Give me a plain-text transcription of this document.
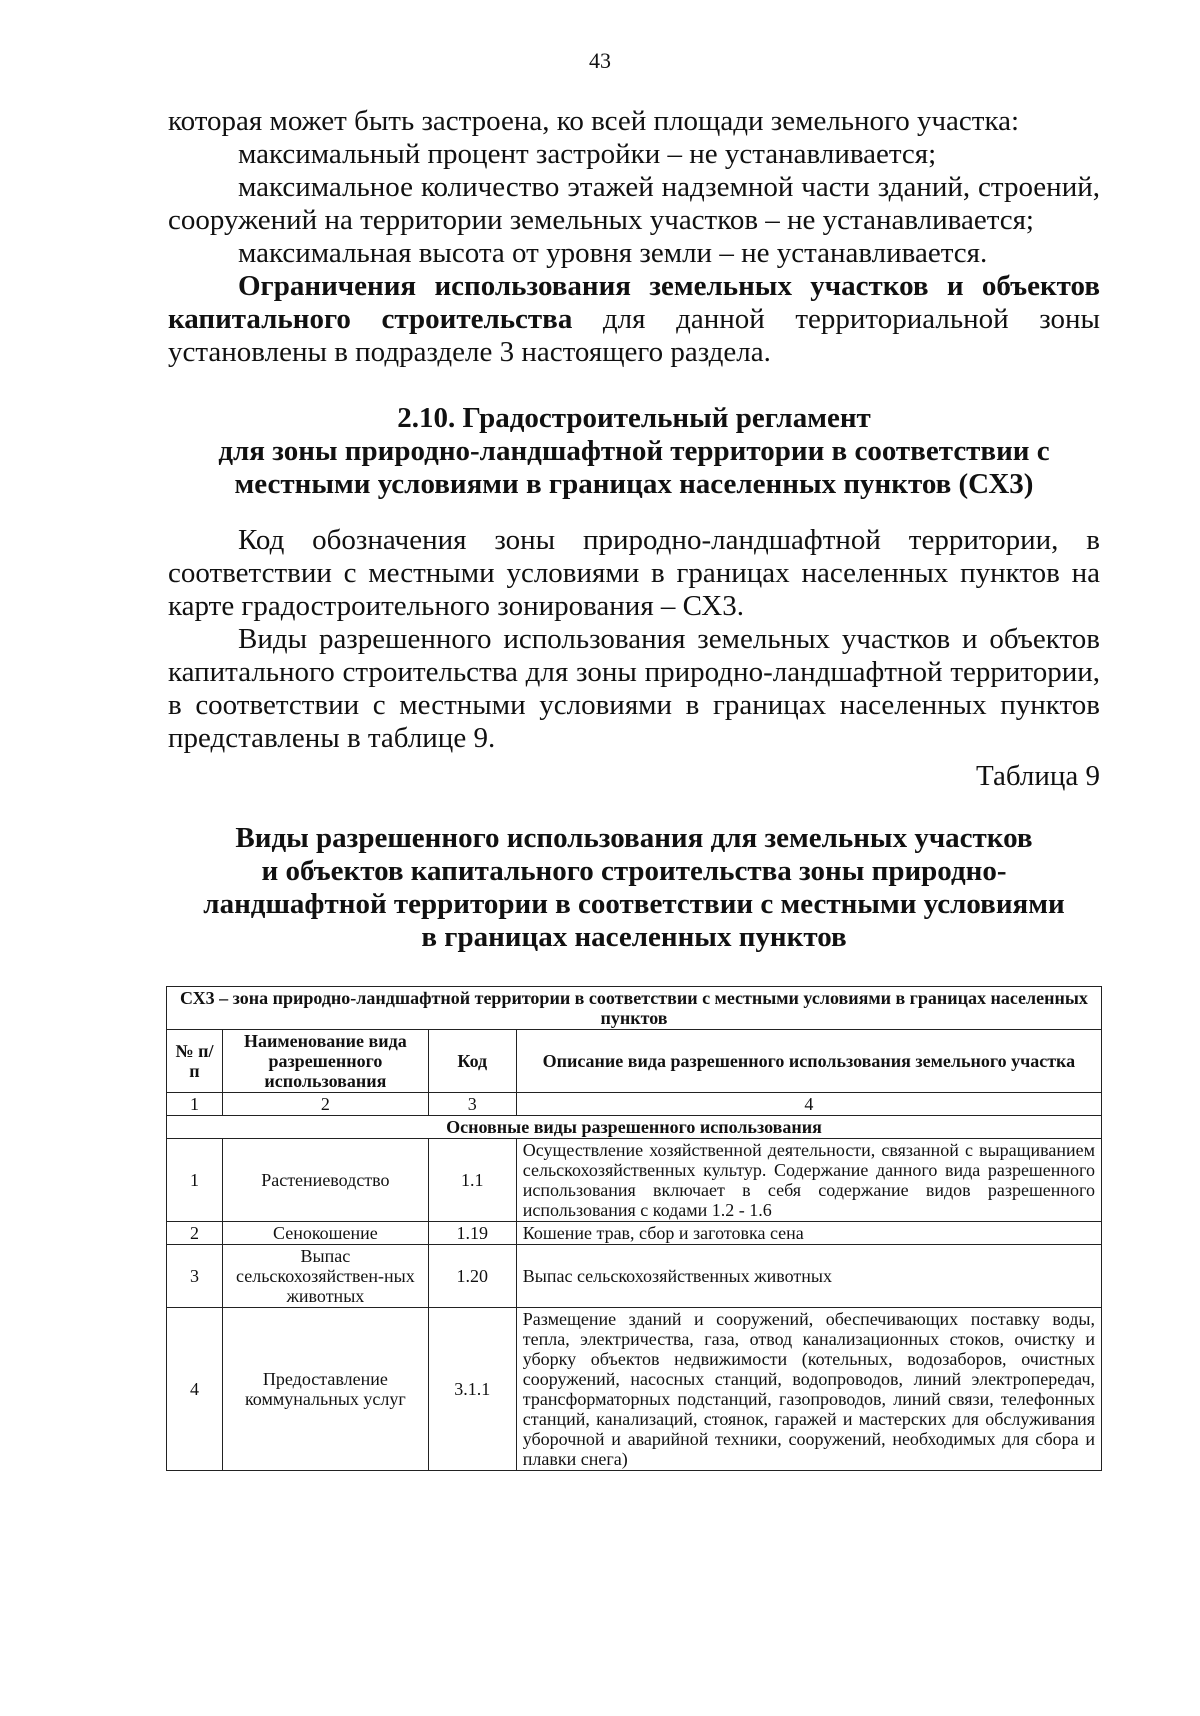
43

которая может быть застроена, ко всей площади земельного участка:

максимальный процент застройки – не устанавливается;

максимальное количество этажей надземной части зданий, строений, сооружений на территории земельных участков – не устанавливается;

максимальная высота от уровня земли – не устанавливается.

Ограничения использования земельных участков и объектов капитального строительства для данной территориальной зоны установлены в подразделе 3 настоящего раздела.

2.10. Градостроительный регламент
для зоны природно-ландшафтной территории в соответствии с
местными условиями в границах населенных пунктов (СХ3)

Код обозначения зоны природно-ландшафтной территории, в соответствии с местными условиями в границах населенных пунктов на карте градостроительного зонирования – СХ3.

Виды разрешенного использования земельных участков и объектов капитального строительства для зоны природно-ландшафтной территории, в соответствии с местными условиями в границах населенных пунктов представлены в таблице 9.

Таблица 9
Виды разрешенного использования для земельных участков
и объектов капитального строительства зоны природно-
ландшафтной территории в соответствии с местными условиями
в границах населенных пунктов
СХ3 – зона природно-ландшафтной территории в соответствии с местными условиями в границах населенных пунктов			
№ п/п	Наименование вида разрешенного использования	Код	Описание вида разрешенного использования земельного участка
1	2	3	4
Основные виды разрешенного использования			
1	Растениеводство	1.1	Осуществление хозяйственной деятельности, связанной с выращиванием сельскохозяйственных культур. Содержание данного вида разрешенного использования включает в себя содержание видов разрешенного использования с кодами 1.2 - 1.6
2	Сенокошение	1.19	Кошение трав, сбор и заготовка сена
3	Выпас сельскохозяйствен-ных животных	1.20	Выпас сельскохозяйственных животных
4	Предоставление коммунальных услуг	3.1.1	Размещение зданий и сооружений, обеспечивающих поставку воды, тепла, электричества, газа, отвод канализационных стоков, очистку и уборку объектов недвижимости (котельных, водозаборов, очистных сооружений, насосных станций, водопроводов, линий электропередач, трансформаторных подстанций, газопроводов, линий связи, телефонных станций, канализаций, стоянок, гаражей и мастерских для обслуживания уборочной и аварийной техники, сооружений, необходимых для сбора и плавки снега)
